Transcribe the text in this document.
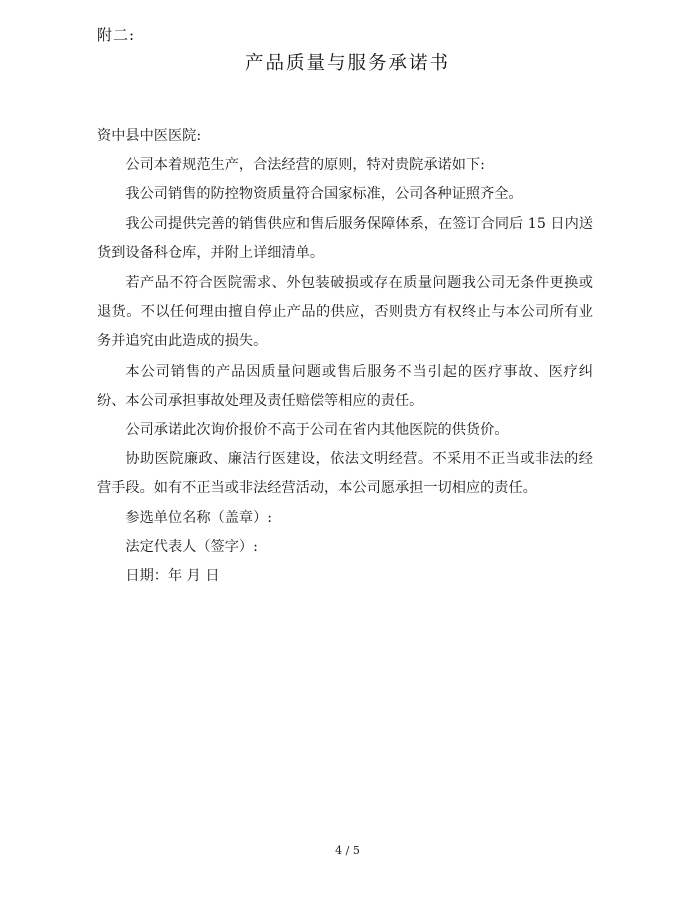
附二:
产品质量与服务承诺书

资中县中医医院:

公司本着规范生产，合法经营的原则，特对贵院承诺如下:

我公司销售的防控物资质量符合国家标准，公司各种证照齐全。

我公司提供完善的销售供应和售后服务保障体系，在签订合同后 15 日内送货到设备科仓库，并附上详细清单。

若产品不符合医院需求、外包装破损或存在质量问题我公司无条件更换或退货。不以任何理由擅自停止产品的供应，否则贵方有权终止与本公司所有业务并追究由此造成的损失。

本公司销售的产品因质量问题或售后服务不当引起的医疗事故、医疗纠纷、本公司承担事故处理及责任赔偿等相应的责任。

公司承诺此次询价报价不高于公司在省内其他医院的供货价。

协助医院廉政、廉洁行医建设，依法文明经营。不采用不正当或非法的经营手段。如有不正当或非法经营活动，本公司愿承担一切相应的责任。

参选单位名称（盖章）:

法定代表人（签字）:

日期：年 月 日

4 / 5
